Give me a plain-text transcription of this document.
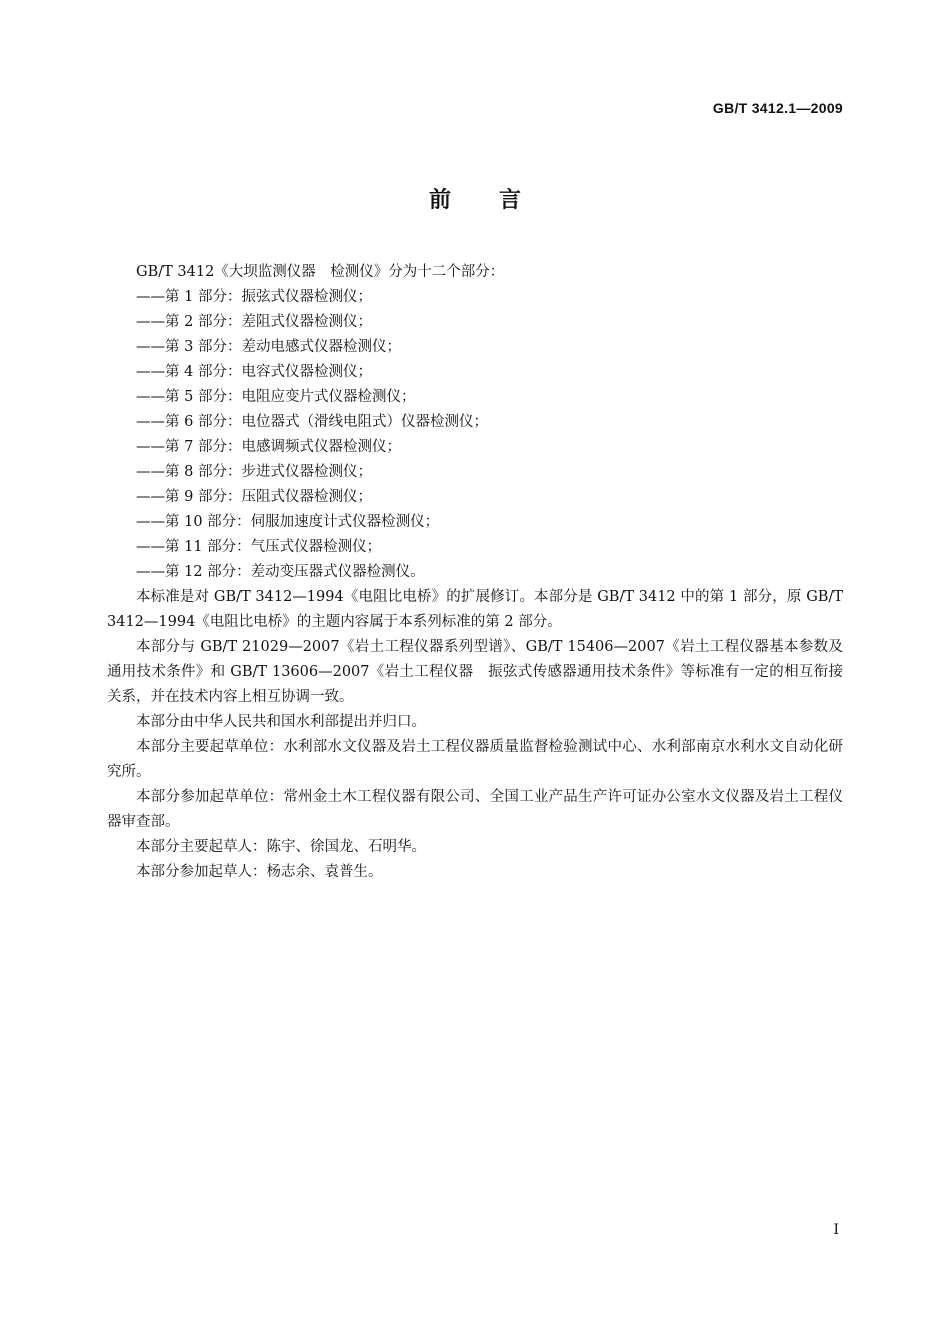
GB/T 3412.1—2009
前言

GB/T 3412《大坝监测仪器　检测仪》分为十二个部分：

——第 1 部分：振弦式仪器检测仪；
——第 2 部分：差阻式仪器检测仪；
——第 3 部分：差动电感式仪器检测仪；
——第 4 部分：电容式仪器检测仪；
——第 5 部分：电阻应变片式仪器检测仪；
——第 6 部分：电位器式（滑线电阻式）仪器检测仪；
——第 7 部分：电感调频式仪器检测仪；
——第 8 部分：步进式仪器检测仪；
——第 9 部分：压阻式仪器检测仪；
——第 10 部分：伺服加速度计式仪器检测仪；
——第 11 部分：气压式仪器检测仪；
——第 12 部分：差动变压器式仪器检测仪。

本标准是对 GB/T 3412—1994《电阻比电桥》的扩展修订。本部分是 GB/T 3412 中的第 1 部分，原 GB/T 3412—1994《电阻比电桥》的主题内容属于本系列标准的第 2 部分。

本部分与 GB/T 21029—2007《岩土工程仪器系列型谱》、GB/T 15406—2007《岩土工程仪器基本参数及通用技术条件》和 GB/T 13606—2007《岩土工程仪器　振弦式传感器通用技术条件》等标准有一定的相互衔接关系，并在技术内容上相互协调一致。

本部分由中华人民共和国水利部提出并归口。

本部分主要起草单位：水利部水文仪器及岩土工程仪器质量监督检验测试中心、水利部南京水利水文自动化研究所。

本部分参加起草单位：常州金土木工程仪器有限公司、全国工业产品生产许可证办公室水文仪器及岩土工程仪器审查部。

本部分主要起草人：陈宇、徐国龙、石明华。

本部分参加起草人：杨志余、袁普生。

I
